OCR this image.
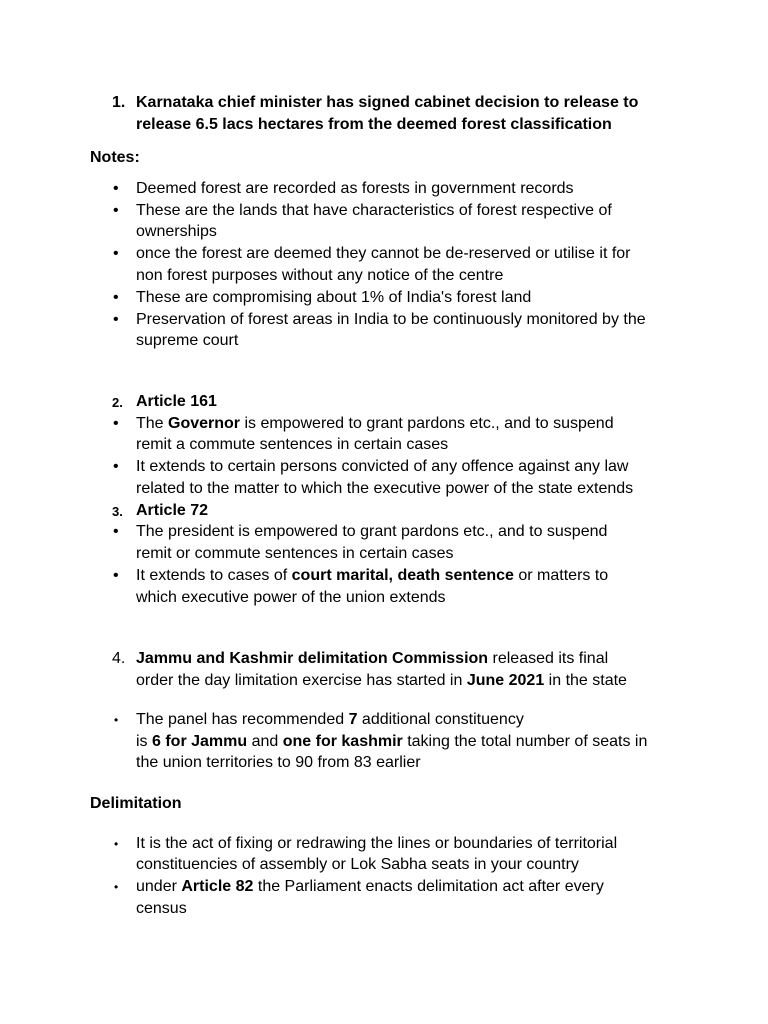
1. Karnataka chief minister has signed cabinet decision to release to
release 6.5 lacs hectares from the deemed forest classification
Notes:
• Deemed forest are recorded as forests in government records
• These are the lands that have characteristics of forest respective of
ownerships
• once the forest are deemed they cannot be de-reserved or utilise it for
non forest purposes without any notice of the centre
• These are compromising about 1% of India's forest land
• Preservation of forest areas in India to be continuously monitored by the
supreme court
2. Article 161
• The Governor is empowered to grant pardons etc., and to suspend
remit a commute sentences in certain cases
• It extends to certain persons convicted of any offence against any law
related to the matter to which the executive power of the state extends
3. Article 72
• The president is empowered to grant pardons etc., and to suspend
remit or commute sentences in certain cases
• It extends to cases of court marital, death sentence or matters to
which executive power of the union extends
4. Jammu and Kashmir delimitation Commission released its final
order the day limitation exercise has started in June 2021 in the state
• The panel has recommended 7 additional constituency
is 6 for Jammu and one for kashmir taking the total number of seats in
the union territories to 90 from 83 earlier
Delimitation
• It is the act of fixing or redrawing the lines or boundaries of territorial
constituencies of assembly or Lok Sabha seats in your country
• under Article 82 the Parliament enacts delimitation act after every
census
